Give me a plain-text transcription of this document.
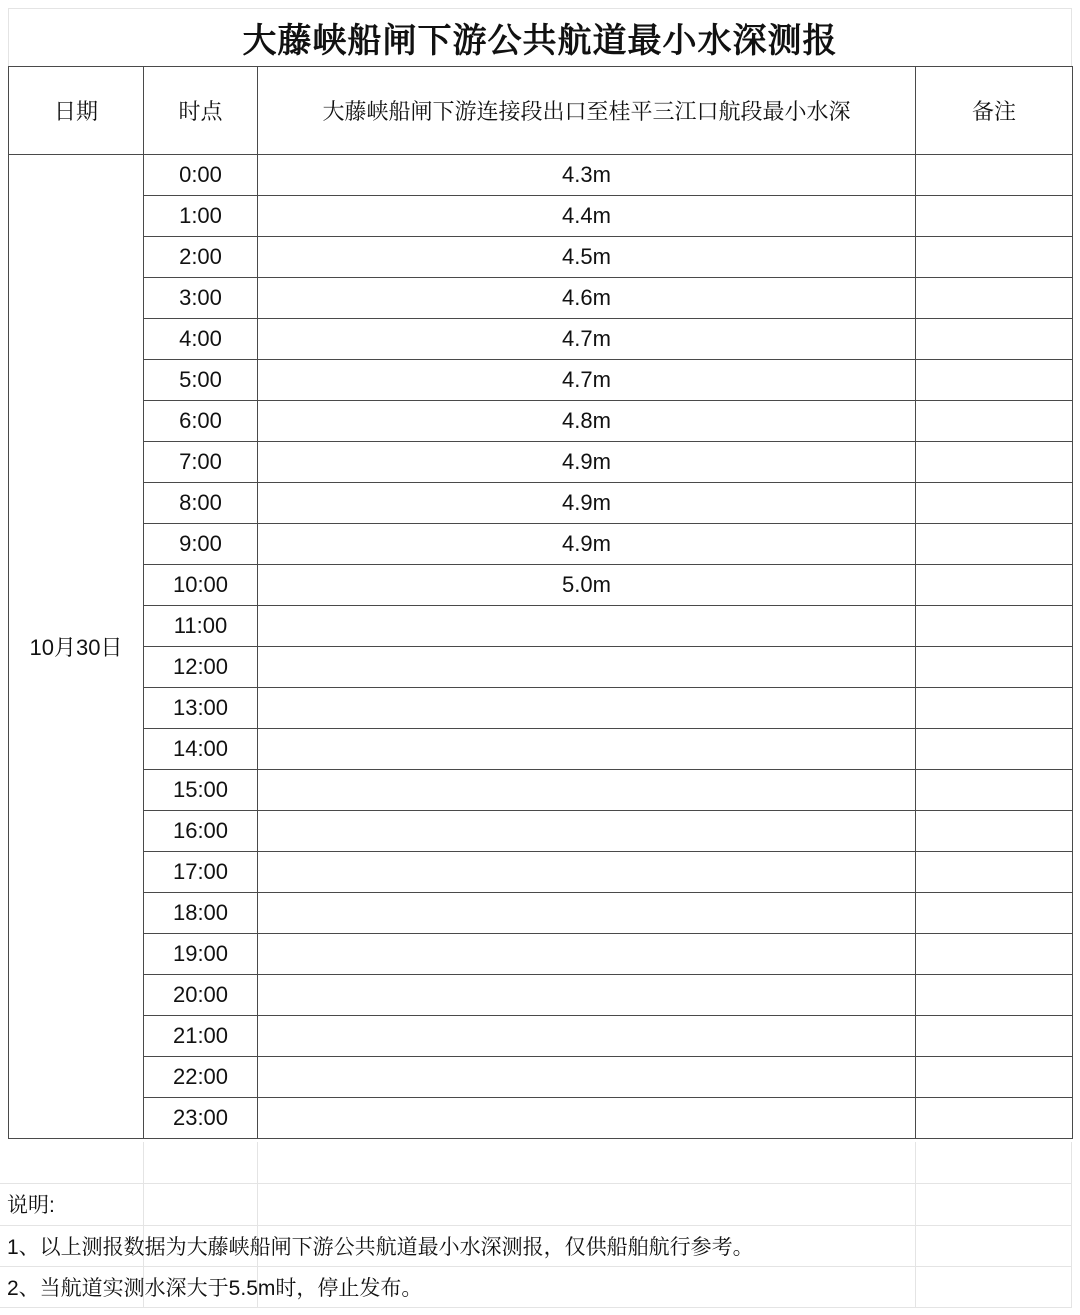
大藤峡船闸下游公共航道最小水深测报
日期	时点	大藤峡船闸下游连接段出口至桂平三江口航段最小水深	备注
10月30日	0:00	4.3m	
	1:00	4.4m	
	2:00	4.5m	
	3:00	4.6m	
	4:00	4.7m	
	5:00	4.7m	
	6:00	4.8m	
	7:00	4.9m	
	8:00	4.9m	
	9:00	4.9m	
	10:00	5.0m	
	11:00		
	12:00		
	13:00		
	14:00		
	15:00		
	16:00		
	17:00		
	18:00		
	19:00		
	20:00		
	21:00		
	22:00		
	23:00		
说明:
1、以上测报数据为大藤峡船闸下游公共航道最小水深测报，仅供船舶航行参考。
2、当航道实测水深大于5.5m时，停止发布。
